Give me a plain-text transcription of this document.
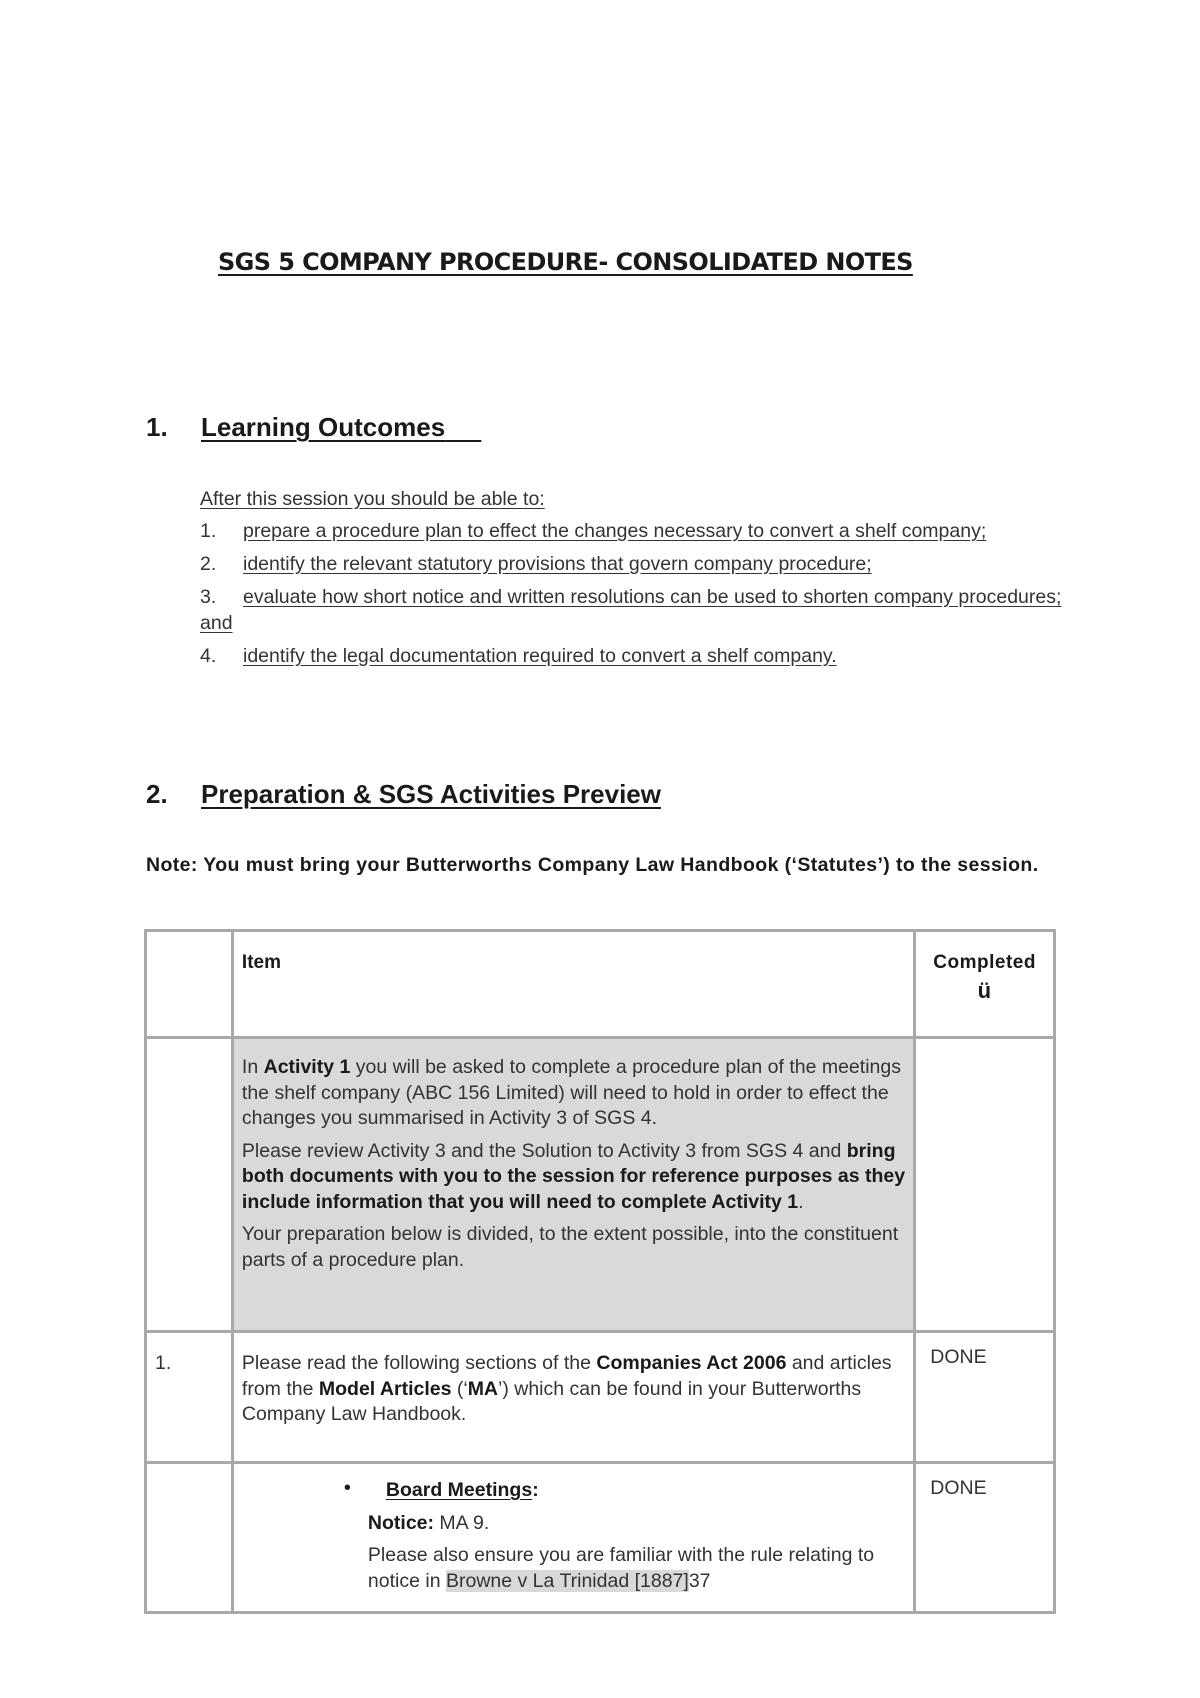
SGS 5 COMPANY PROCEDURE- CONSOLIDATED NOTES
1. Learning Outcomes

After this session you should be able to:

1. prepare a procedure plan to effect the changes necessary to convert a shelf company;

2. identify the relevant statutory provisions that govern company procedure;

3. evaluate how short notice and written resolutions can be used to shorten company procedures; and

4. identify the legal documentation required to convert a shelf company.

2. Preparation & SGS Activities Preview

Note: You must bring your Butterworths Company Law Handbook (‘Statutes’) to the session.

	Item	Completed
ü

	In Activity 1 you will be asked to complete a procedure plan of the meetings the shelf company (ABC 156 Limited) will need to hold in order to effect the changes you summarised in Activity 3 of SGS 4.

Please review Activity 3 and the Solution to Activity 3 from SGS 4 and bring both documents with you to the session for reference purposes as they include information that you will need to complete Activity 1.

Your preparation below is divided, to the extent possible, into the constituent parts of a procedure plan.	

1.	Please read the following sections of the Companies Act 2006 and articles from the Model Articles (‘MA’) which can be found in your Butterworths Company Law Handbook.	DONE

	• Board Meetings:

Notice: MA 9.

Please also ensure you are familiar with the rule relating to notice in Browne v La Trinidad [1887]37	DONE
